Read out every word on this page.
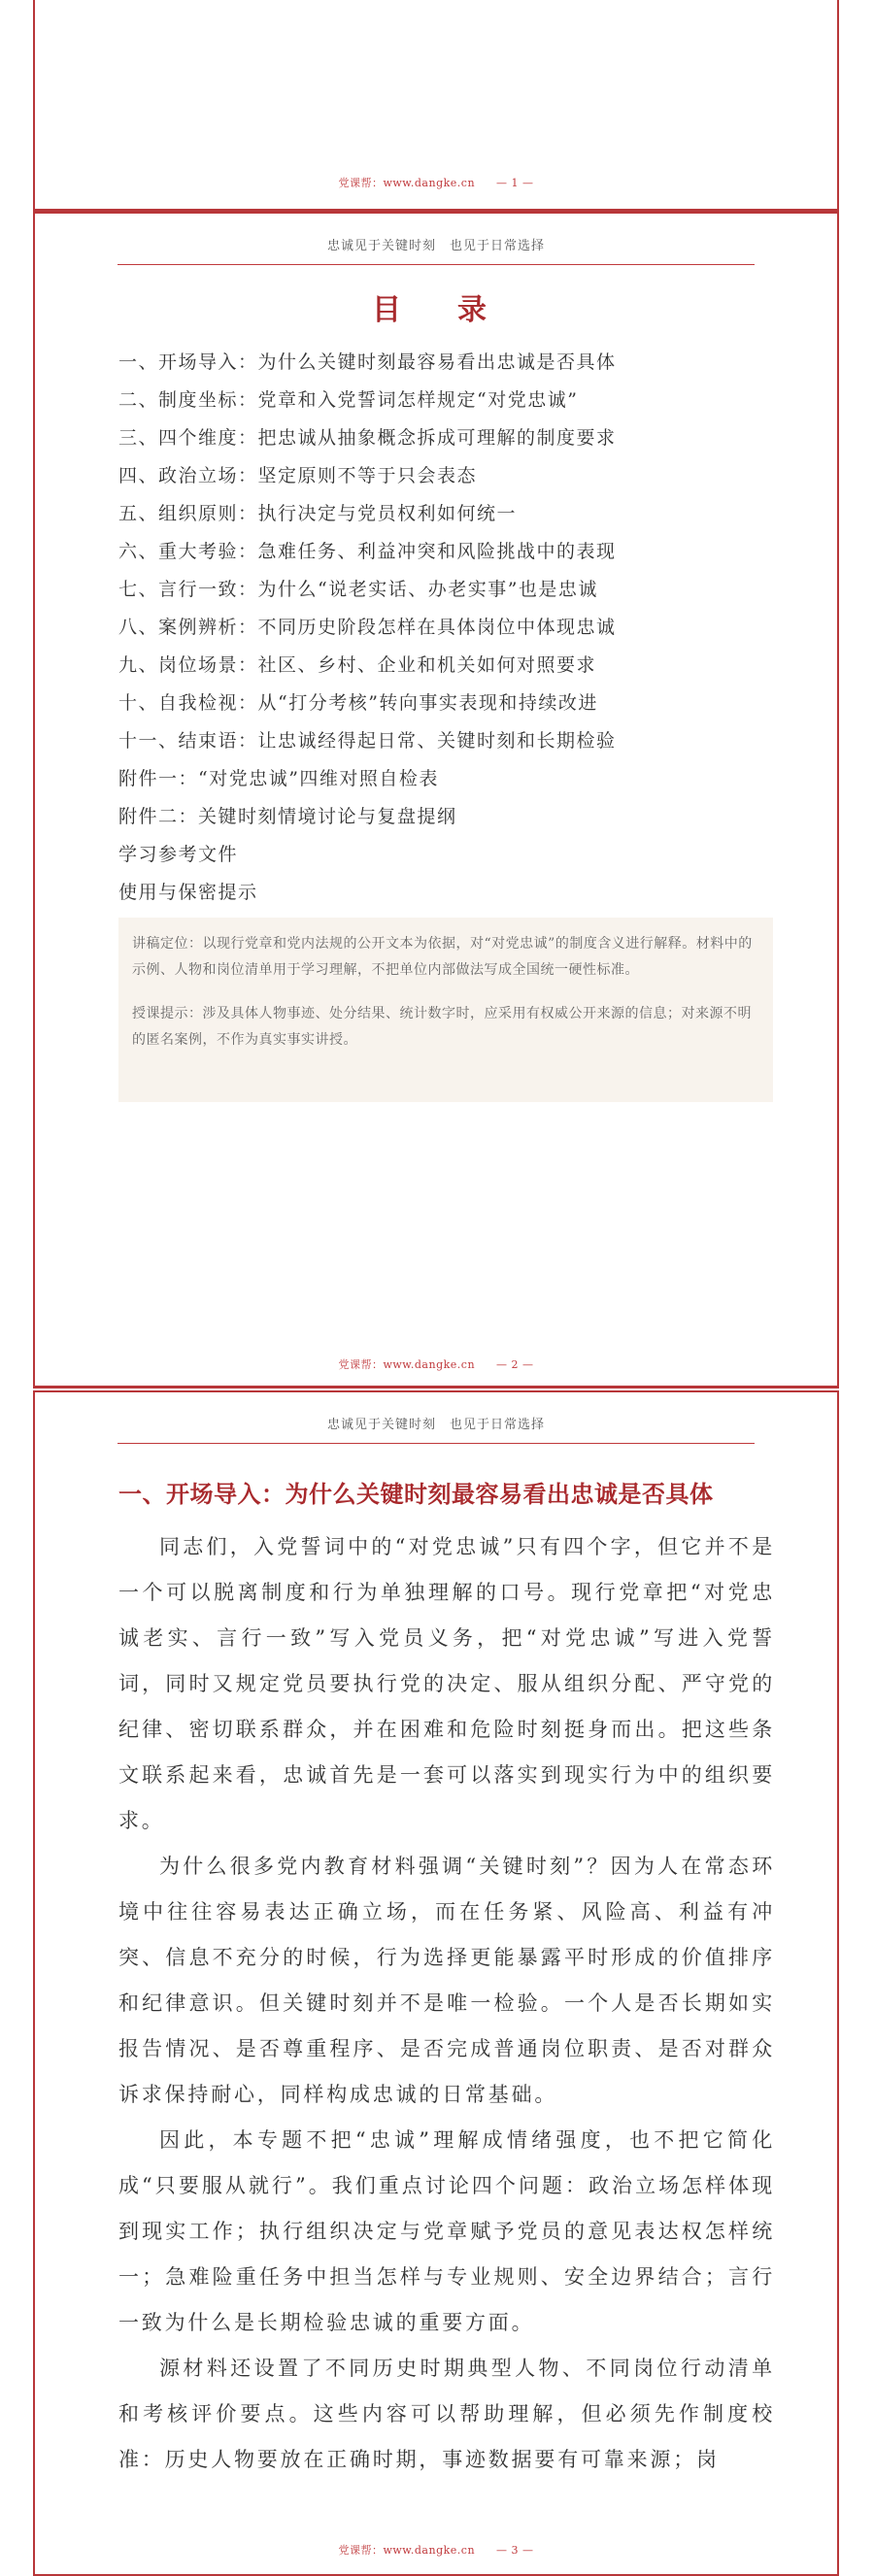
党课帮：www.dangke.cn — 1 —
忠诚见于关键时刻 也见于日常选择
目　录
一、开场导入：为什么关键时刻最容易看出忠诚是否具体
二、制度坐标：党章和入党誓词怎样规定“对党忠诚”
三、四个维度：把忠诚从抽象概念拆成可理解的制度要求
四、政治立场：坚定原则不等于只会表态
五、组织原则：执行决定与党员权利如何统一
六、重大考验：急难任务、利益冲突和风险挑战中的表现
七、言行一致：为什么“说老实话、办老实事”也是忠诚
八、案例辨析：不同历史阶段怎样在具体岗位中体现忠诚
九、岗位场景：社区、乡村、企业和机关如何对照要求
十、自我检视：从“打分考核”转向事实表现和持续改进
十一、结束语：让忠诚经得起日常、关键时刻和长期检验
附件一：“对党忠诚”四维对照自检表
附件二：关键时刻情境讨论与复盘提纲
学习参考文件
使用与保密提示

讲稿定位：以现行党章和党内法规的公开文本为依据，对“对党忠诚”的制度含义进行解释。材料中的示例、人物和岗位清单用于学习理解，不把单位内部做法写成全国统一硬性标准。

授课提示：涉及具体人物事迹、处分结果、统计数字时，应采用有权威公开来源的信息；对来源不明的匿名案例，不作为真实事实讲授。

党课帮：www.dangke.cn — 2 —
忠诚见于关键时刻 也见于日常选择
一、开场导入：为什么关键时刻最容易看出忠诚是否具体

同志们，入党誓词中的“对党忠诚”只有四个字，但它并不是一个可以脱离制度和行为单独理解的口号。现行党章把“对党忠诚老实、言行一致”写入党员义务，把“对党忠诚”写进入党誓词，同时又规定党员要执行党的决定、服从组织分配、严守党的纪律、密切联系群众，并在困难和危险时刻挺身而出。把这些条文联系起来看，忠诚首先是一套可以落实到现实行为中的组织要求。

为什么很多党内教育材料强调“关键时刻”？因为人在常态环境中往往容易表达正确立场，而在任务紧、风险高、利益有冲突、信息不充分的时候，行为选择更能暴露平时形成的价值排序和纪律意识。但关键时刻并不是唯一检验。一个人是否长期如实报告情况、是否尊重程序、是否完成普通岗位职责、是否对群众诉求保持耐心，同样构成忠诚的日常基础。

因此，本专题不把“忠诚”理解成情绪强度，也不把它简化成“只要服从就行”。我们重点讨论四个问题：政治立场怎样体现到现实工作；执行组织决定与党章赋予党员的意见表达权怎样统一；急难险重任务中担当怎样与专业规则、安全边界结合；言行一致为什么是长期检验忠诚的重要方面。

源材料还设置了不同历史时期典型人物、不同岗位行动清单和考核评价要点。这些内容可以帮助理解，但必须先作制度校准：历史人物要放在正确时期，事迹数据要有可靠来源；岗

党课帮：www.dangke.cn — 3 —
